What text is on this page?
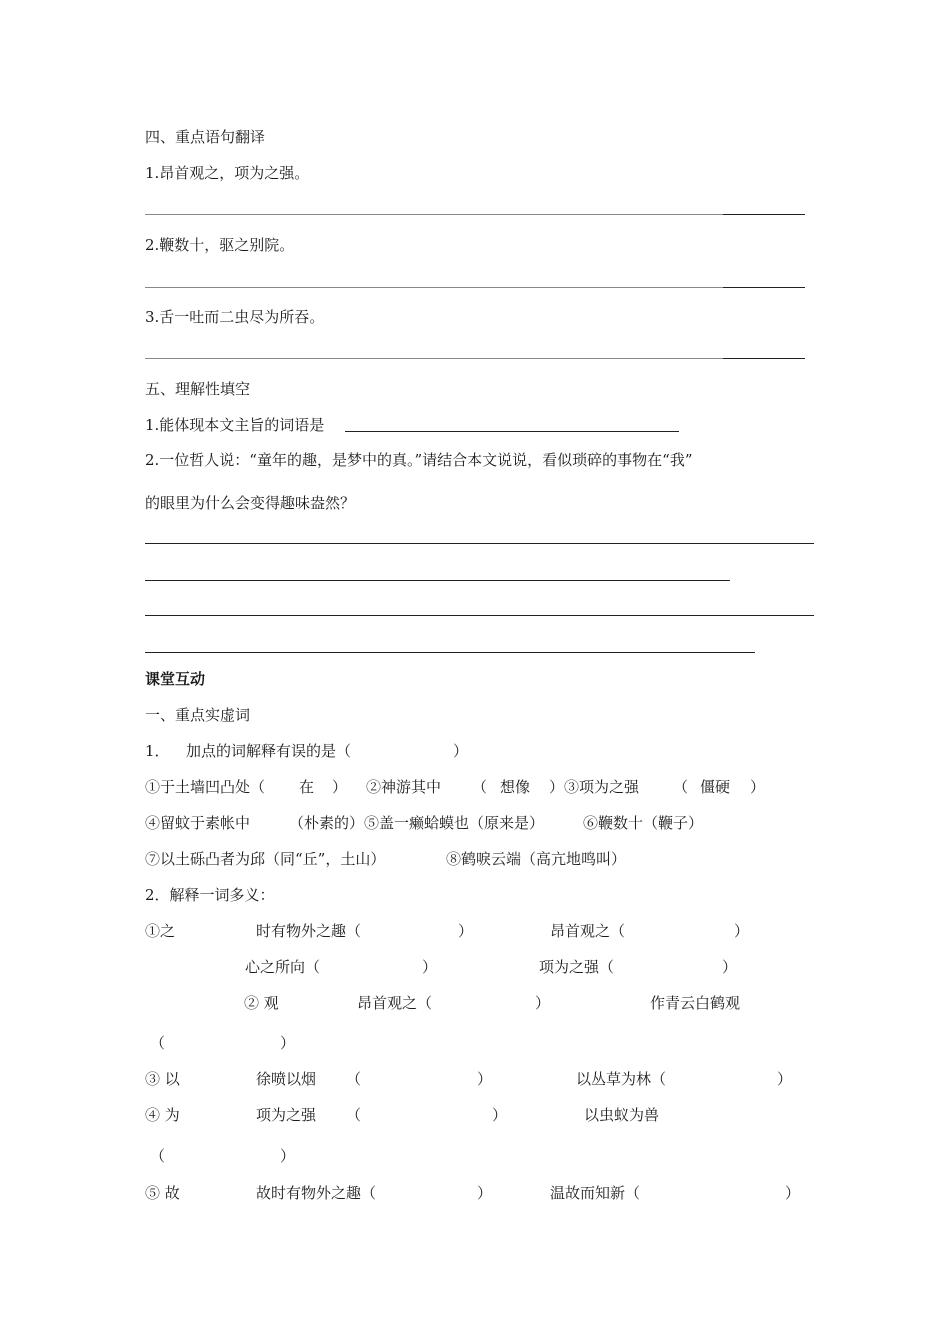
四、重点语句翻译
1.昂首观之，项为之强。
2.鞭数十，驱之别院。
3.舌一吐而二虫尽为所吞。
五、理解性填空
1.能体现本文主旨的词语是
2.一位哲人说：“童年的趣，是梦中的真。”请结合本文说说，看似琐碎的事物在“我”
的眼里为什么会变得趣味盎然？
课堂互动
一、重点实虚词
1． 加点的词解释有误的是（	）
①于土墙凹凸处（ 在 ） ②神游其中 （ 想像 ）③项为之强 （ 僵硬 ）
④留蚊于素帐中	（朴素的）⑤盖一癞蛤蟆也（原来是）	⑥鞭数十（鞭子）
⑦以土砾凸者为邱（同“丘”，土山）	⑧鹤唳云端（高亢地鸣叫）
2．解释一词多义：
①之	时有物外之趣（	）	昂首观之（	）
心之所向（	）	项为之强（	）
② 观	昂首观之（	）	作青云白鹤观
（	）
③ 以	徐喷以烟 （	）	以丛草为林（	）
④ 为	项为之强 （	）	以虫蚁为兽
（	）
⑤ 故	故时有物外之趣（	）	温故而知新（	）
